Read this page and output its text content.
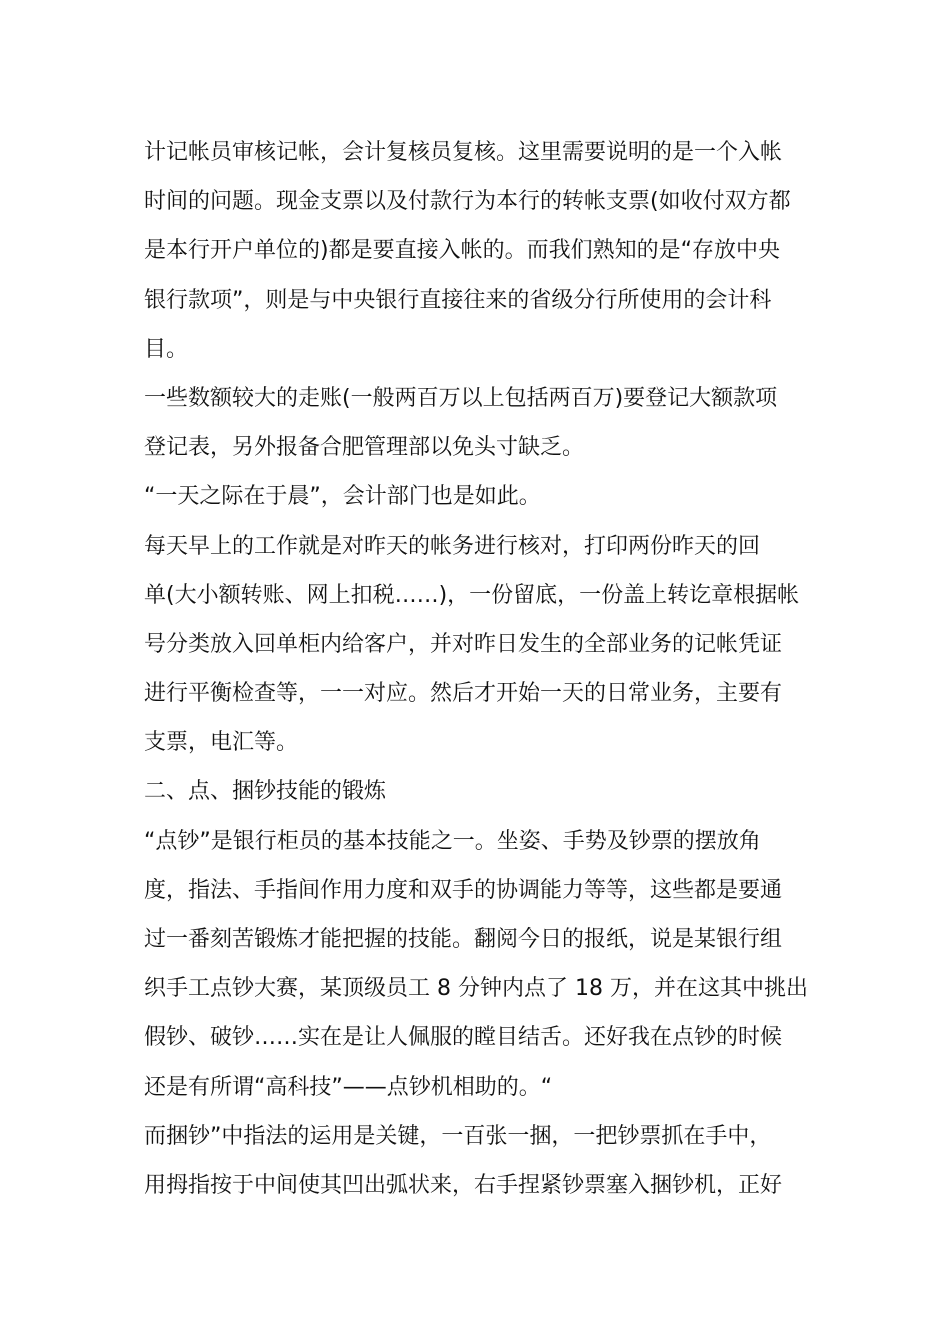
计记帐员审核记帐，会计复核员复核。这里需要说明的是一个入帐
时间的问题。现金支票以及付款行为本行的转帐支票(如收付双方都
是本行开户单位的)都是要直接入帐的。而我们熟知的是“存放中央
银行款项”，则是与中央银行直接往来的省级分行所使用的会计科
目。
一些数额较大的走账(一般两百万以上包括两百万)要登记大额款项
登记表，另外报备合肥管理部以免头寸缺乏。
“一天之际在于晨”，会计部门也是如此。
每天早上的工作就是对昨天的帐务进行核对，打印两份昨天的回
单(大小额转账、网上扣税……)，一份留底，一份盖上转讫章根据帐
号分类放入回单柜内给客户，并对昨日发生的全部业务的记帐凭证
进行平衡检查等，一一对应。然后才开始一天的日常业务，主要有
支票，电汇等。
二、点、捆钞技能的锻炼
“点钞”是银行柜员的基本技能之一。坐姿、手势及钞票的摆放角
度，指法、手指间作用力度和双手的协调能力等等，这些都是要通
过一番刻苦锻炼才能把握的技能。翻阅今日的报纸，说是某银行组
织手工点钞大赛，某顶级员工 8 分钟内点了 18 万，并在这其中挑出
假钞、破钞……实在是让人佩服的瞠目结舌。还好我在点钞的时候
还是有所谓“高科技”——点钞机相助的。“
而捆钞”中指法的运用是关键，一百张一捆，一把钞票抓在手中，
用拇指按于中间使其凹出弧状来，右手捏紧钞票塞入捆钞机，正好
